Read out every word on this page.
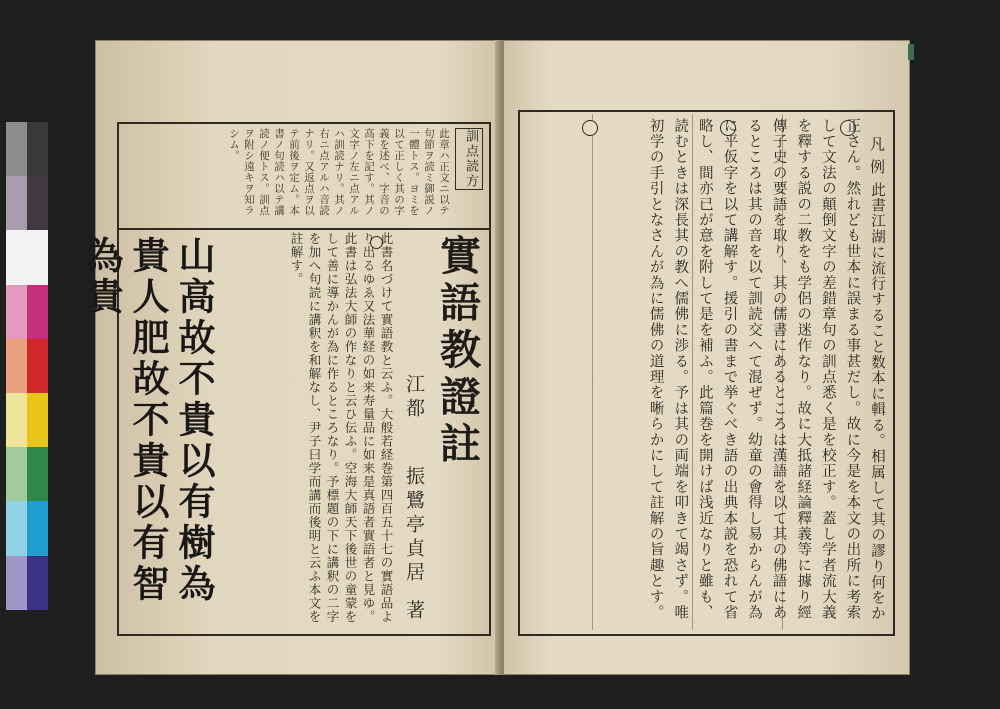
訓点読方
此章ハ正文ニ以テ句節ヲ読ミ御説ノ一體トス。ヨミを以て正しく其の字義を述べ、字音の高下を記す。其ノ文字ノ左ニ点アルハ訓読ナリ。其ノ右ニ点アルハ音読ナリ。又返点ヲ以テ前後ヲ定ム。本書ノ句読ハ以テ講読ノ便トス。訓点ヲ附シ遠キヲ知ラシム。
實語教證註
江都振鷺亭貞居著
此書名づけて實語教と云ふ。大般若経巻第四百五十七の實語品より出るゆゑ又法華経の如来寿量品に如来是真語者實語者と見ゆ。此書は弘法大師の作なりと云ひ伝ふ。空海大師天下後世の童蒙をして善に導かんが為に作るところなり。予標題の下に講釈の二字を加へ句読に講釈を和解なし、尹子曰学而講而後明と云ふ本文を註解す。
山高故不貴以有樹為貴人肥故不貴以有智為貴
凡例此書江湖に流行すること数本に輯る。相属して其の謬り何をか正さん。然れども世本に誤まる事甚だし。故に今是を本文の出所に考索して文法の顛倒文字の差錯章句の訓点悉く是を校正す。蓋し学者流大義を釋する説の二教をも学侶の迷作なり。故に大抵諸経論釋義等に據り經傳子史の要語を取り、其の儒書にあるところは漢語を以て其の佛語にあるところは其の音を以て訓読交へて混ぜず。幼童の會得し易からんが為に平仮字を以て講解す。援引の書まで挙ぐべき語の出典本説を恐れて省略し、間亦已が意を附して是を補ふ。此篇巻を開けば浅近なりと雖も、読むときは深長其の教へ儒佛に渉る。予は其の両端を叩きて竭さず。唯初学の手引となさんが為に儒佛の道理を晰らかにして註解の旨趣とす。
